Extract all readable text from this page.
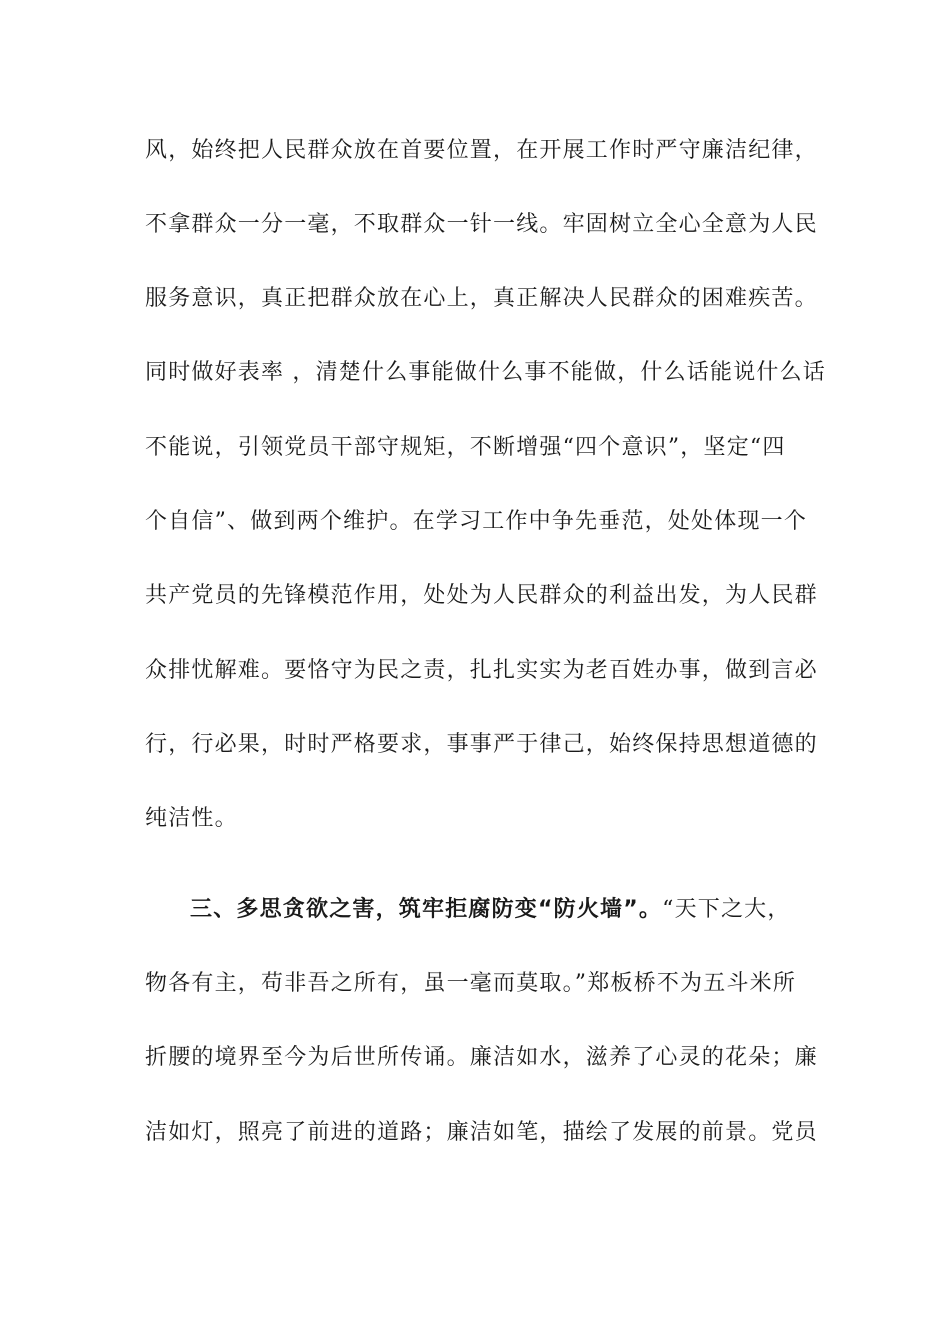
风，始终把人民群众放在首要位置，在开展工作时严守廉洁纪律，
不拿群众一分一毫，不取群众一针一线。牢固树立全心全意为人民
服务意识，真正把群众放在心上，真正解决人民群众的困难疾苦。
同时做好表率 ，清楚什么事能做什么事不能做，什么话能说什么话
不能说，引领党员干部守规矩，不断增强“四个意识”，坚定“四
个自信”、做到两个维护。在学习工作中争先垂范，处处体现一个
共产党员的先锋模范作用，处处为人民群众的利益出发，为人民群
众排忧解难。要恪守为民之责，扎扎实实为老百姓办事，做到言必
行，行必果，时时严格要求，事事严于律己，始终保持思想道德的
纯洁性。
三、多思贪欲之害，筑牢拒腐防变“防火墙”。“天下之大，
物各有主，苟非吾之所有，虽一毫而莫取。”郑板桥不为五斗米所
折腰的境界至今为后世所传诵。廉洁如水，滋养了心灵的花朵；廉
洁如灯，照亮了前进的道路；廉洁如笔，描绘了发展的前景。党员
